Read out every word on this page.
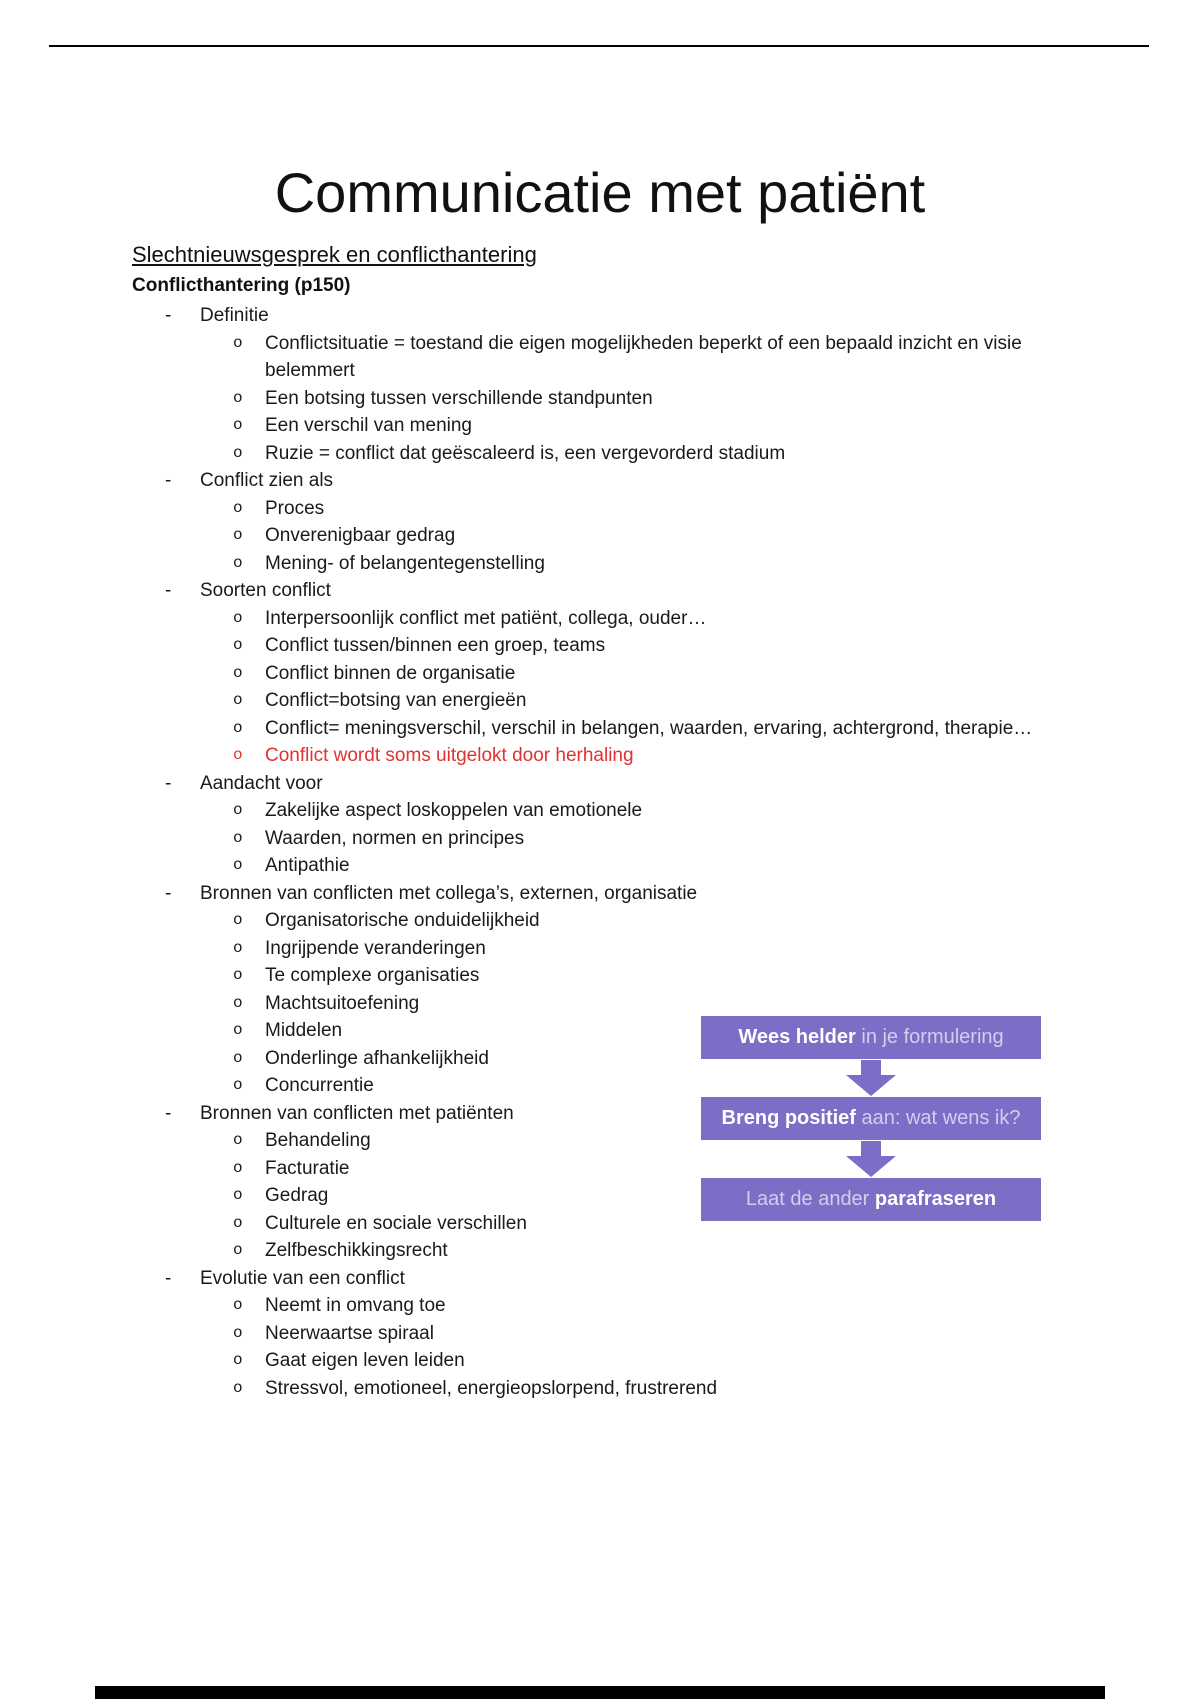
Communicatie met patiënt
Slechtnieuwsgesprek en conflicthantering
Conflicthantering (p150)
-	Definitie
o	Conflictsituatie = toestand die eigen mogelijkheden beperkt of een bepaald inzicht en visie belemmert
o	Een botsing tussen verschillende standpunten
o	Een verschil van mening
o	Ruzie = conflict dat geëscaleerd is, een vergevorderd stadium
-	Conflict zien als
o	Proces
o	Onverenigbaar gedrag
o	Mening- of belangentegenstelling
-	Soorten conflict
o	Interpersoonlijk conflict met patiënt, collega, ouder…
o	Conflict tussen/binnen een groep, teams
o	Conflict binnen de organisatie
o	Conflict=botsing van energieën
o	Conflict= meningsverschil, verschil in belangen, waarden, ervaring, achtergrond, therapie…
o	Conflict wordt soms uitgelokt door herhaling
-	Aandacht voor
o	Zakelijke aspect loskoppelen van emotionele
o	Waarden, normen en principes
o	Antipathie
-	Bronnen van conflicten met collega’s, externen, organisatie
o	Organisatorische onduidelijkheid
o	Ingrijpende veranderingen
o	Te complexe organisaties
o	Machtsuitoefening
o	Middelen
o	Onderlinge afhankelijkheid
o	Concurrentie
-	Bronnen van conflicten met patiënten
o	Behandeling
o	Facturatie
o	Gedrag
o	Culturele en sociale verschillen
o	Zelfbeschikkingsrecht
-	Evolutie van een conflict
o	Neemt in omvang toe
o	Neerwaartse spiraal
o	Gaat eigen leven leiden
o	Stressvol, emotioneel, energieopslorpend, frustrerend
Wees helder in je formulering
Breng positief aan: wat wens ik?
Laat de ander parafraseren
